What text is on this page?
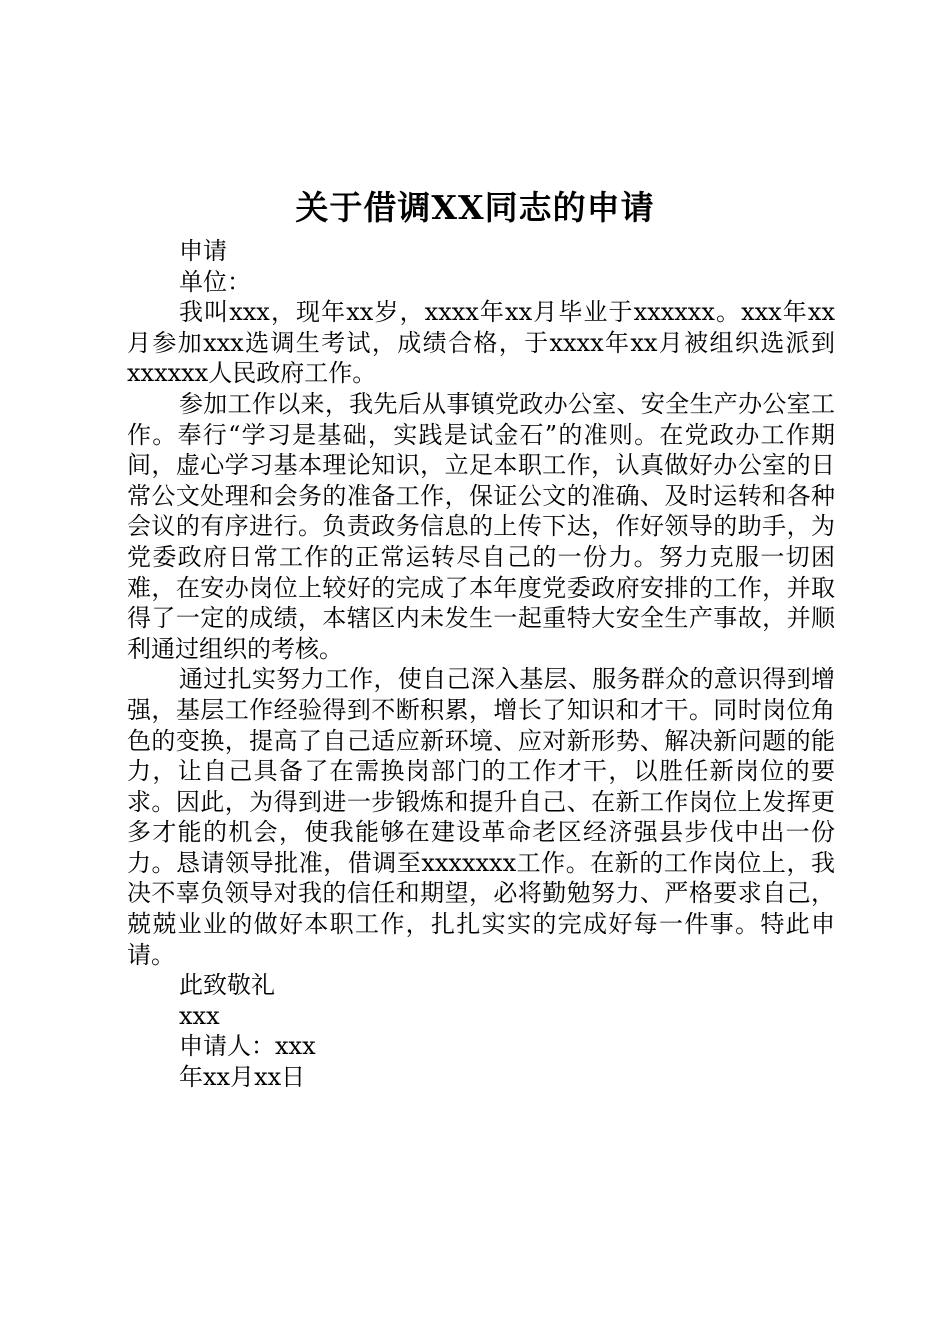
关于借调XX同志的申请

申请

单位：

我叫xxx，现年xx岁，xxxx年xx月毕业于xxxxxx。xxx年xx月参加xxx选调生考试，成绩合格，于xxxx年xx月被组织选派到xxxxxx人民政府工作。

参加工作以来，我先后从事镇党政办公室、安全生产办公室工作。奉行“学习是基础，实践是试金石”的准则。在党政办工作期间，虚心学习基本理论知识，立足本职工作，认真做好办公室的日常公文处理和会务的准备工作，保证公文的准确、及时运转和各种会议的有序进行。负责政务信息的上传下达，作好领导的助手，为党委政府日常工作的正常运转尽自己的一份力。努力克服一切困难，在安办岗位上较好的完成了本年度党委政府安排的工作，并取得了一定的成绩，本辖区内未发生一起重特大安全生产事故，并顺利通过组织的考核。

通过扎实努力工作，使自己深入基层、服务群众的意识得到增强，基层工作经验得到不断积累，增长了知识和才干。同时岗位角色的变换，提高了自己适应新环境、应对新形势、解决新问题的能力，让自己具备了在需换岗部门的工作才干，以胜任新岗位的要求。因此，为得到进一步锻炼和提升自己、在新工作岗位上发挥更多才能的机会，使我能够在建设革命老区经济强县步伐中出一份力。恳请领导批准，借调至xxxxxxx工作。在新的工作岗位上，我决不辜负领导对我的信任和期望，必将勤勉努力、严格要求自己，兢兢业业的做好本职工作，扎扎实实的完成好每一件事。特此申请。

此致敬礼

xxx

申请人：xxx

年xx月xx日
